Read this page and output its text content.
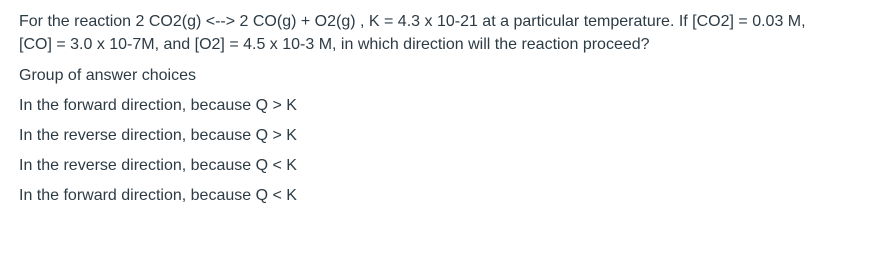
For the reaction 2 CO2(g) <--> 2 CO(g) + O2(g) , K = 4.3 x 10-21 at a particular temperature. If [CO2] = 0.03 M,
[CO] = 3.0 x 10-7M, and [O2] = 4.5 x 10-3 M, in which direction will the reaction proceed?
Group of answer choices
In the forward direction, because Q > K
In the reverse direction, because Q > K
In the reverse direction, because Q < K
In the forward direction, because Q < K
